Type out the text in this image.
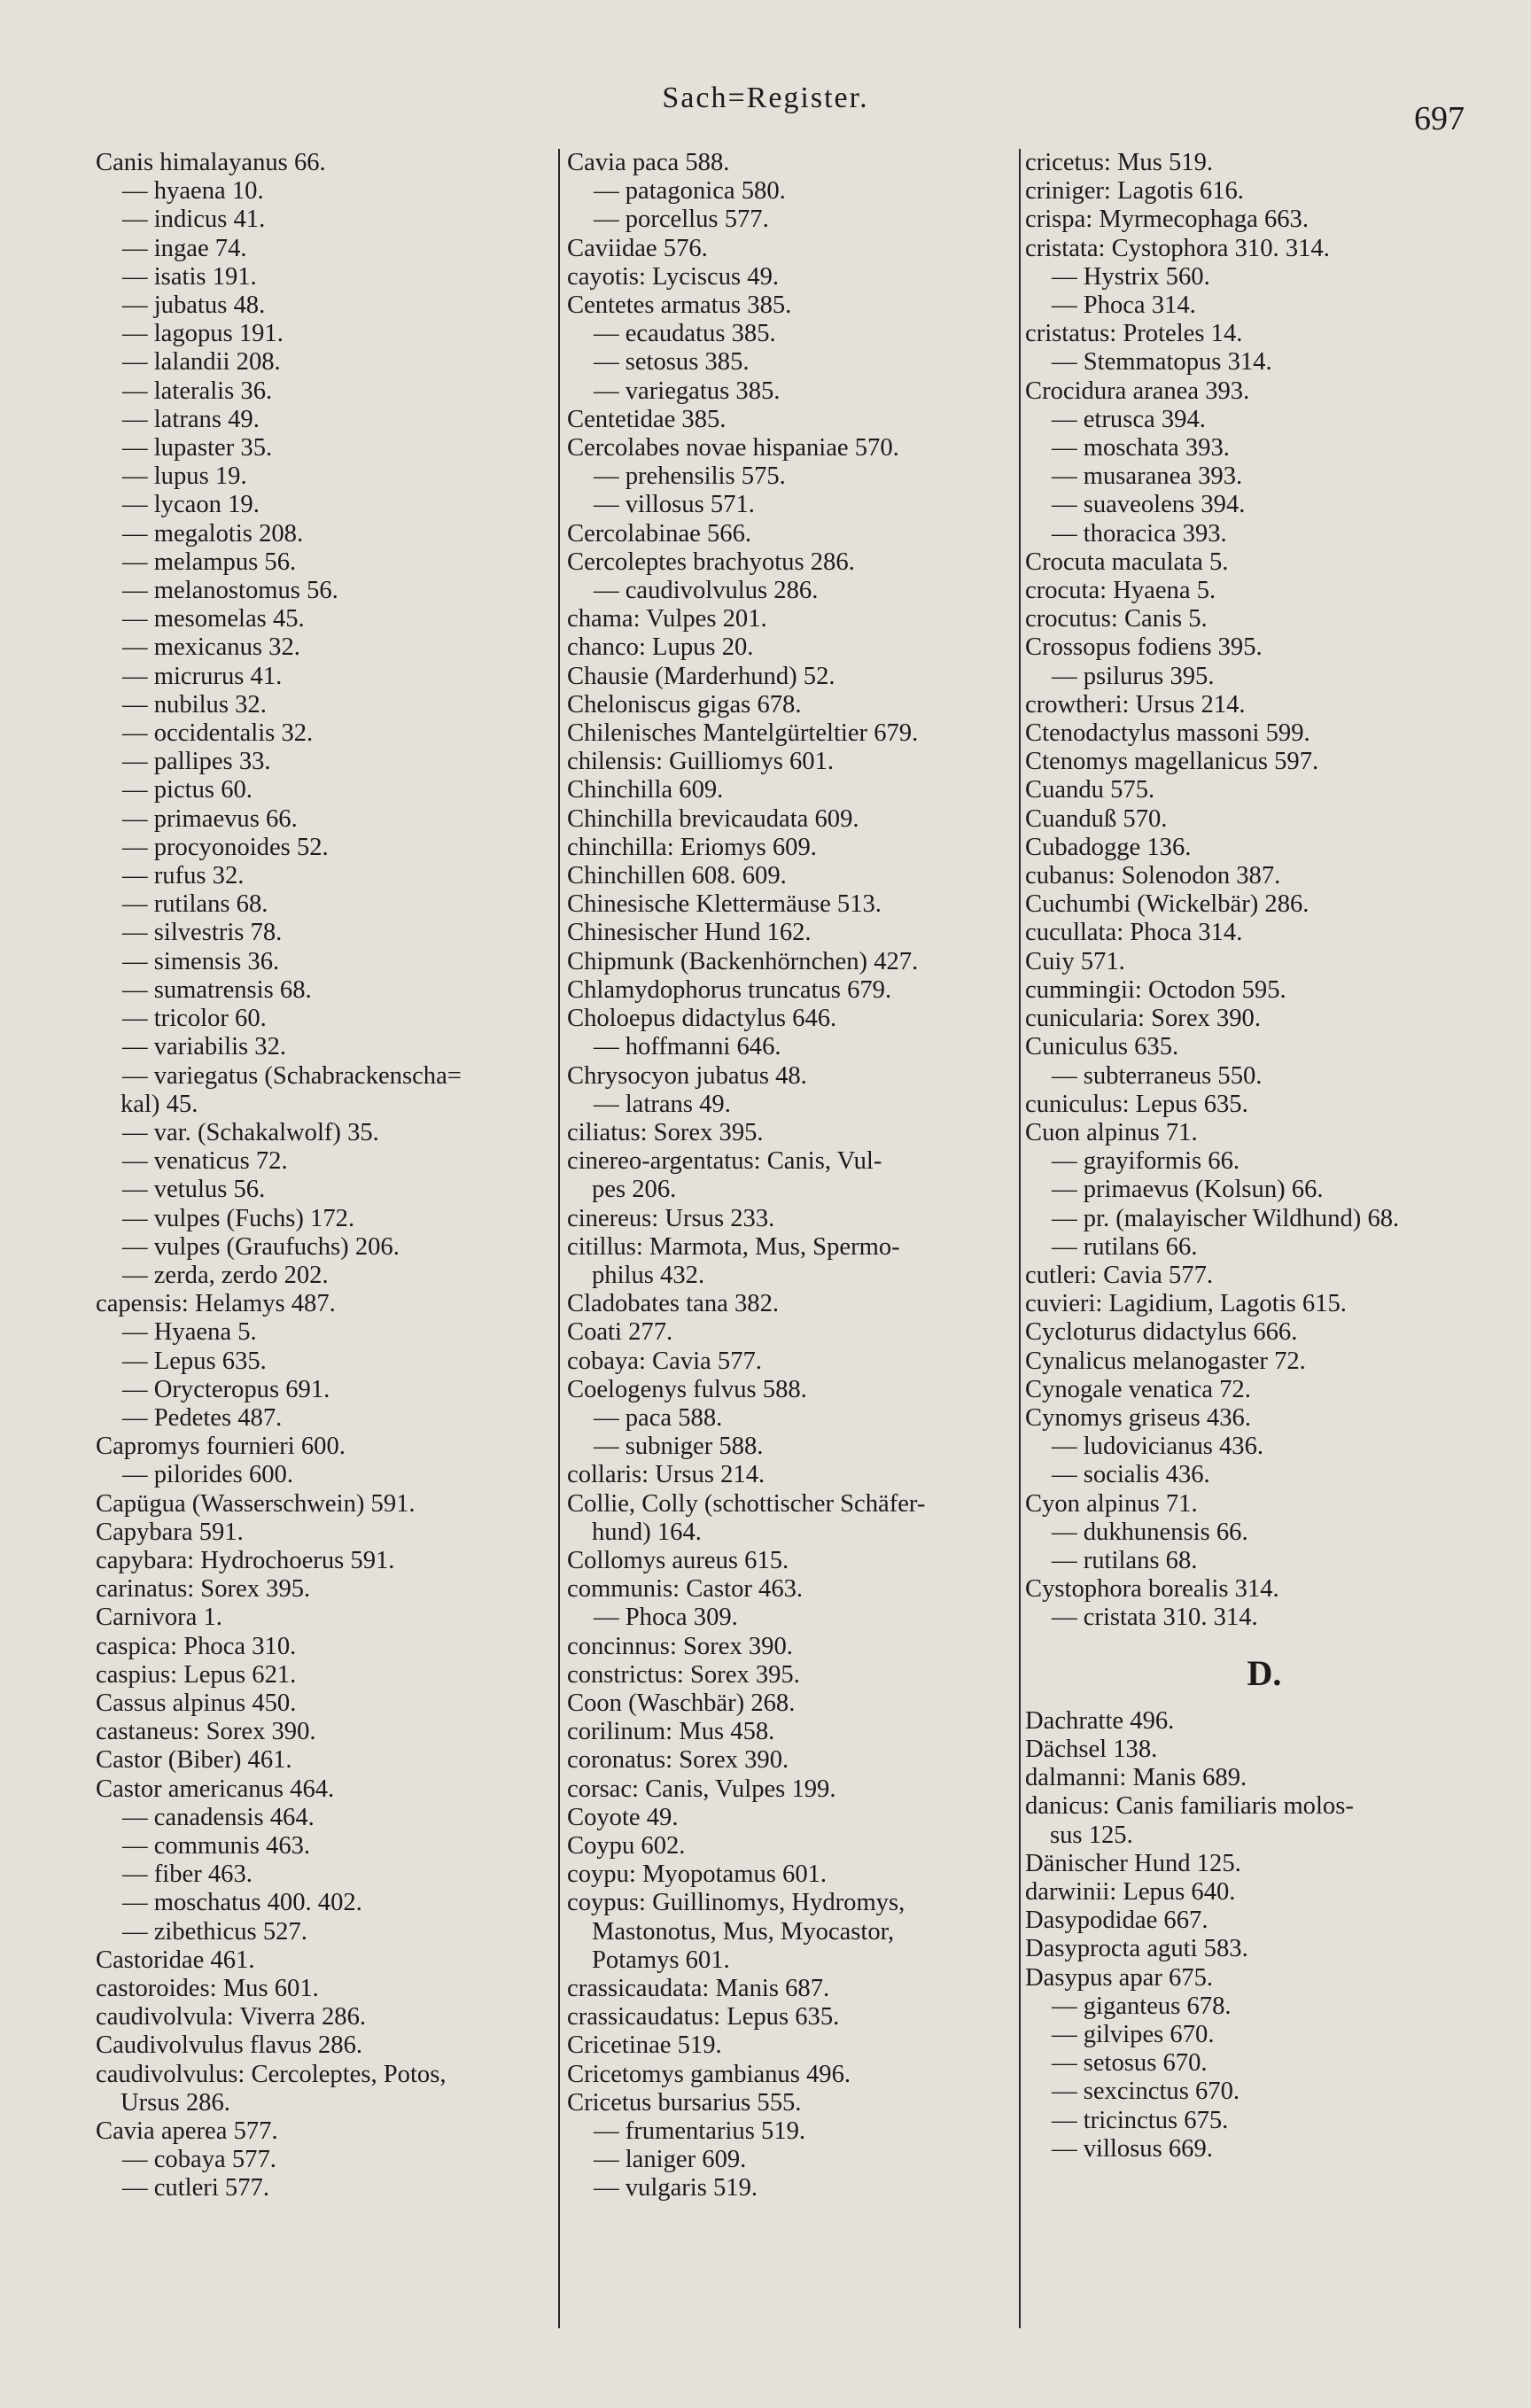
Sach=Register.
697
Canis himalayanus 66.
— hyaena 10.
— indicus 41.
— ingae 74.
— isatis 191.
— jubatus 48.
— lagopus 191.
— lalandii 208.
— lateralis 36.
— latrans 49.
— lupaster 35.
— lupus 19.
— lycaon 19.
— megalotis 208.
— melampus 56.
— melanostomus 56.
— mesomelas 45.
— mexicanus 32.
— micrurus 41.
— nubilus 32.
— occidentalis 32.
— pallipes 33.
— pictus 60.
— primaevus 66.
— procyonoides 52.
— rufus 32.
— rutilans 68.
— silvestris 78.
— simensis 36.
— sumatrensis 68.
— tricolor 60.
— variabilis 32.
— variegatus (Schabrackenscha=
kal) 45.
— var. (Schakalwolf) 35.
— venaticus 72.
— vetulus 56.
— vulpes (Fuchs) 172.
— vulpes (Graufuchs) 206.
— zerda, zerdo 202.
capensis: Helamys 487.
— Hyaena 5.
— Lepus 635.
— Orycteropus 691.
— Pedetes 487.
Capromys fournieri 600.
— pilorides 600.
Capügua (Wasserschwein) 591.
Capybara 591.
capybara: Hydrochoerus 591.
carinatus: Sorex 395.
Carnivora 1.
caspica: Phoca 310.
caspius: Lepus 621.
Cassus alpinus 450.
castaneus: Sorex 390.
Castor (Biber) 461.
Castor americanus 464.
— canadensis 464.
— communis 463.
— fiber 463.
— moschatus 400. 402.
— zibethicus 527.
Castoridae 461.
castoroides: Mus 601.
caudivolvula: Viverra 286.
Caudivolvulus flavus 286.
caudivolvulus: Cercoleptes, Potos,
Ursus 286.
Cavia aperea 577.
— cobaya 577.
— cutleri 577.
Cavia paca 588.
— patagonica 580.
— porcellus 577.
Caviidae 576.
cayotis: Lyciscus 49.
Centetes armatus 385.
— ecaudatus 385.
— setosus 385.
— variegatus 385.
Centetidae 385.
Cercolabes novae hispaniae 570.
— prehensilis 575.
— villosus 571.
Cercolabinae 566.
Cercoleptes brachyotus 286.
— caudivolvulus 286.
chama: Vulpes 201.
chanco: Lupus 20.
Chausie (Marderhund) 52.
Cheloniscus gigas 678.
Chilenisches Mantelgürteltier 679.
chilensis: Guilliomys 601.
Chinchilla 609.
Chinchilla brevicaudata 609.
chinchilla: Eriomys 609.
Chinchillen 608. 609.
Chinesische Klettermäuse 513.
Chinesischer Hund 162.
Chipmunk (Backenhörnchen) 427.
Chlamydophorus truncatus 679.
Choloepus didactylus 646.
— hoffmanni 646.
Chrysocyon jubatus 48.
— latrans 49.
ciliatus: Sorex 395.
cinereo-argentatus: Canis, Vul-
pes 206.
cinereus: Ursus 233.
citillus: Marmota, Mus, Spermo-
philus 432.
Cladobates tana 382.
Coati 277.
cobaya: Cavia 577.
Coelogenys fulvus 588.
— paca 588.
— subniger 588.
collaris: Ursus 214.
Collie, Colly (schottischer Schäfer-
hund) 164.
Collomys aureus 615.
communis: Castor 463.
— Phoca 309.
concinnus: Sorex 390.
constrictus: Sorex 395.
Coon (Waschbär) 268.
corilinum: Mus 458.
coronatus: Sorex 390.
corsac: Canis, Vulpes 199.
Coyote 49.
Coypu 602.
coypu: Myopotamus 601.
coypus: Guillinomys, Hydromys,
Mastonotus, Mus, Myocastor,
Potamys 601.
crassicaudata: Manis 687.
crassicaudatus: Lepus 635.
Cricetinae 519.
Cricetomys gambianus 496.
Cricetus bursarius 555.
— frumentarius 519.
— laniger 609.
— vulgaris 519.
cricetus: Mus 519.
criniger: Lagotis 616.
crispa: Myrmecophaga 663.
cristata: Cystophora 310. 314.
— Hystrix 560.
— Phoca 314.
cristatus: Proteles 14.
— Stemmatopus 314.
Crocidura aranea 393.
— etrusca 394.
— moschata 393.
— musaranea 393.
— suaveolens 394.
— thoracica 393.
Crocuta maculata 5.
crocuta: Hyaena 5.
crocutus: Canis 5.
Crossopus fodiens 395.
— psilurus 395.
crowtheri: Ursus 214.
Ctenodactylus massoni 599.
Ctenomys magellanicus 597.
Cuandu 575.
Cuanduß 570.
Cubadogge 136.
cubanus: Solenodon 387.
Cuchumbi (Wickelbär) 286.
cucullata: Phoca 314.
Cuiy 571.
cummingii: Octodon 595.
cunicularia: Sorex 390.
Cuniculus 635.
— subterraneus 550.
cuniculus: Lepus 635.
Cuon alpinus 71.
— grayiformis 66.
— primaevus (Kolsun) 66.
— pr. (malayischer Wildhund) 68.
— rutilans 66.
cutleri: Cavia 577.
cuvieri: Lagidium, Lagotis 615.
Cycloturus didactylus 666.
Cynalicus melanogaster 72.
Cynogale venatica 72.
Cynomys griseus 436.
— ludovicianus 436.
— socialis 436.
Cyon alpinus 71.
— dukhunensis 66.
— rutilans 68.
Cystophora borealis 314.
— cristata 310. 314.
D.
Dachratte 496.
Dächsel 138.
dalmanni: Manis 689.
danicus: Canis familiaris molos-
sus 125.
Dänischer Hund 125.
darwinii: Lepus 640.
Dasypodidae 667.
Dasyprocta aguti 583.
Dasypus apar 675.
— giganteus 678.
— gilvipes 670.
— setosus 670.
— sexcinctus 670.
— tricinctus 675.
— villosus 669.
